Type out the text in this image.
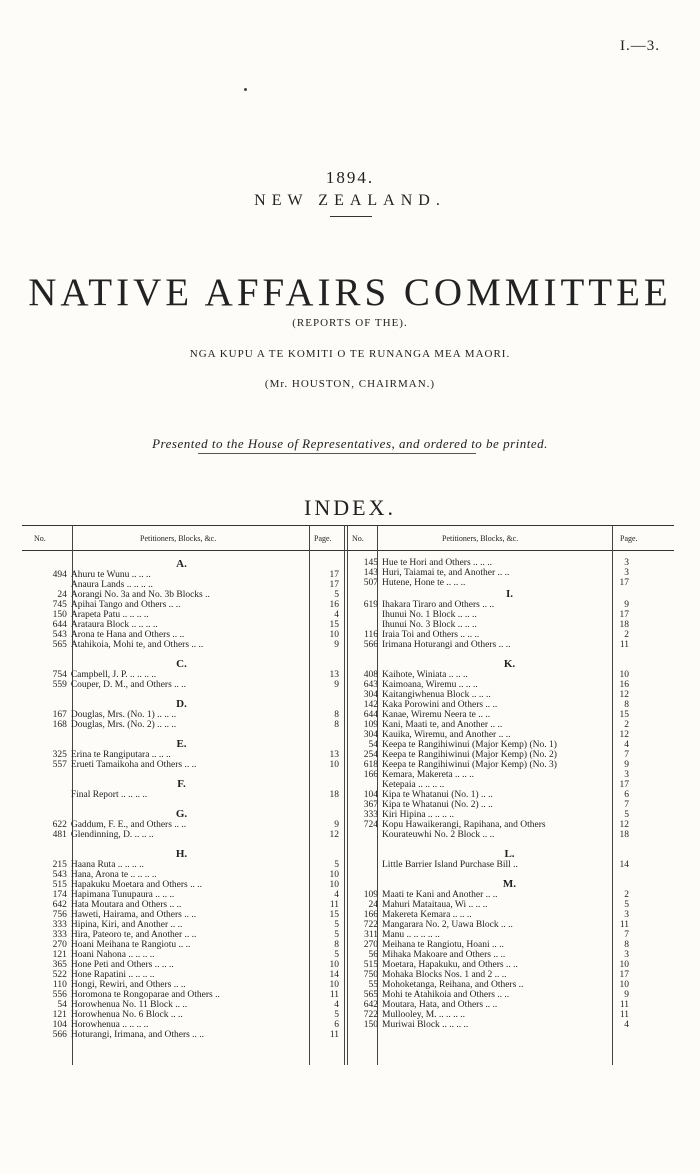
I.—3.
1894.
NEW ZEALAND.
NATIVE AFFAIRS COMMITTEE
(REPORTS OF THE).
NGA KUPU A TE KOMITI O TE RUNANGA MEA MAORI.
(Mr. HOUSTON, CHAIRMAN.)
Presented to the House of Representatives, and ordered to be printed.
INDEX.
No.	Petitioners, Blocks, &c.	Page.	No.	Petitioners, Blocks, &c.	Page.
A.
494 Ahuru te Wunu .. .. ..	17
Anaura Lands .. .. .. ..	17
24 Aorangi No. 3a and No. 3b Blocks ..	5
745 Apihai Tango and Others .. ..	16
150 Arapeta Patu .. .. .. ..	4
644 Arataura Block .. .. .. ..	15
543 Arona te Hana and Others .. ..	10
565 Atahikoia, Mohi te, and Others .. ..	9
C.
754 Campbell, J. P. .. .. .. ..	13
559 Couper, D. M., and Others .. ..	9
D.
167 Douglas, Mrs. (No. 1) .. .. ..	8
168 Douglas, Mrs. (No. 2) .. .. ..	8
E.
325 Erina te Rangiputara .. .. ..	13
557 Erueti Tamaikoha and Others .. ..	10
F.
Final Report .. .. .. ..	18
G.
622 Gaddum, F. E., and Others .. ..	9
481 Glendinning, D. .. .. ..	12
H.
215 Haana Ruta .. .. .. ..	5
543 Hana, Arona te .. .. .. ..	10
515 Hapakuku Moetara and Others .. ..	10
174 Hapimana Tunupaura .. .. ..	4
642 Hata Moutara and Others .. ..	11
756 Haweti, Hairama, and Others .. ..	15
333 Hipina, Kiri, and Another .. ..	5
333 Hira, Pateoro te, and Another .. ..	5
270 Hoani Meihana te Rangiotu .. ..	8
121 Hoani Nahona .. .. .. ..	5
365 Hone Peti and Others .. .. ..	10
522 Hone Rapatini .. .. .. ..	14
110 Hongi, Rewiri, and Others .. ..	10
556 Horomona te Rongoparae and Others ..	11
54 Horowhenua No. 11 Block .. ..	4
121 Horowhenua No. 6 Block .. ..	5
104 Horowhenua .. .. .. ..	6
566 Hoturangi, Irimana, and Others .. ..	11
145 Hue te Hori and Others .. .. ..	3
143 Huri, Taiamai te, and Another .. ..	3
507 Hutene, Hone te .. .. ..	17
I.
619 Ihakara Tiraro and Others .. ..	9
Ihunui No. 1 Block .. .. ..	17
Ihunui No. 3 Block .. .. ..	18
116 Iraia Toi and Others .. .. ..	2
566 Irimana Hoturangi and Others .. ..	11
K.
408 Kaihote, Winiata .. .. ..	10
643 Kaimoana, Wiremu .. .. ..	16
304 Kaitangiwhenua Block .. .. ..	12
142 Kaka Porowini and Others .. ..	8
644 Kanae, Wiremu Neera te .. ..	15
109 Kani, Maati te, and Another .. ..	2
304 Kauika, Wiremu, and Another .. ..	12
54 Keepa te Rangihiwinui (Major Kemp) (No. 1)	4
254 Keepa te Rangihiwinui (Major Kemp) (No. 2)	7
618 Keepa te Rangihiwinui (Major Kemp) (No. 3)	9
166 Kemara, Makereta .. .. ..	3
Ketepaia .. .. .. ..	17
104 Kipa te Whatanui (No. 1) .. ..	6
367 Kipa te Whatanui (No. 2) .. ..	7
333 Kiri Hipina .. .. .. ..	5
724 Kopu Hawaikerangi, Rapihana, and Others	12
Kourateuwhi No. 2 Block .. ..	18
L.
Little Barrier Island Purchase Bill ..	14
M.
109 Maati te Kani and Another .. ..	2
24 Mahuri Mataitaua, Wi .. .. ..	5
166 Makereta Kemara .. .. ..	3
722 Mangarara No. 2, Uawa Block .. ..	11
311 Manu .. .. .. .. ..	7
270 Meihana te Rangiotu, Hoani .. ..	8
56 Mihaka Makoare and Others .. ..	3
515 Moetara, Hapakuku, and Others .. ..	10
750 Mohaka Blocks Nos. 1 and 2 .. ..	17
55 Mohoketanga, Reihana, and Others ..	10
565 Mohi te Atahikoia and Others .. ..	9
642 Moutara, Hata, and Others .. ..	11
722 Mullooley, M. .. .. .. ..	11
150 Muriwai Block .. .. .. ..	4
